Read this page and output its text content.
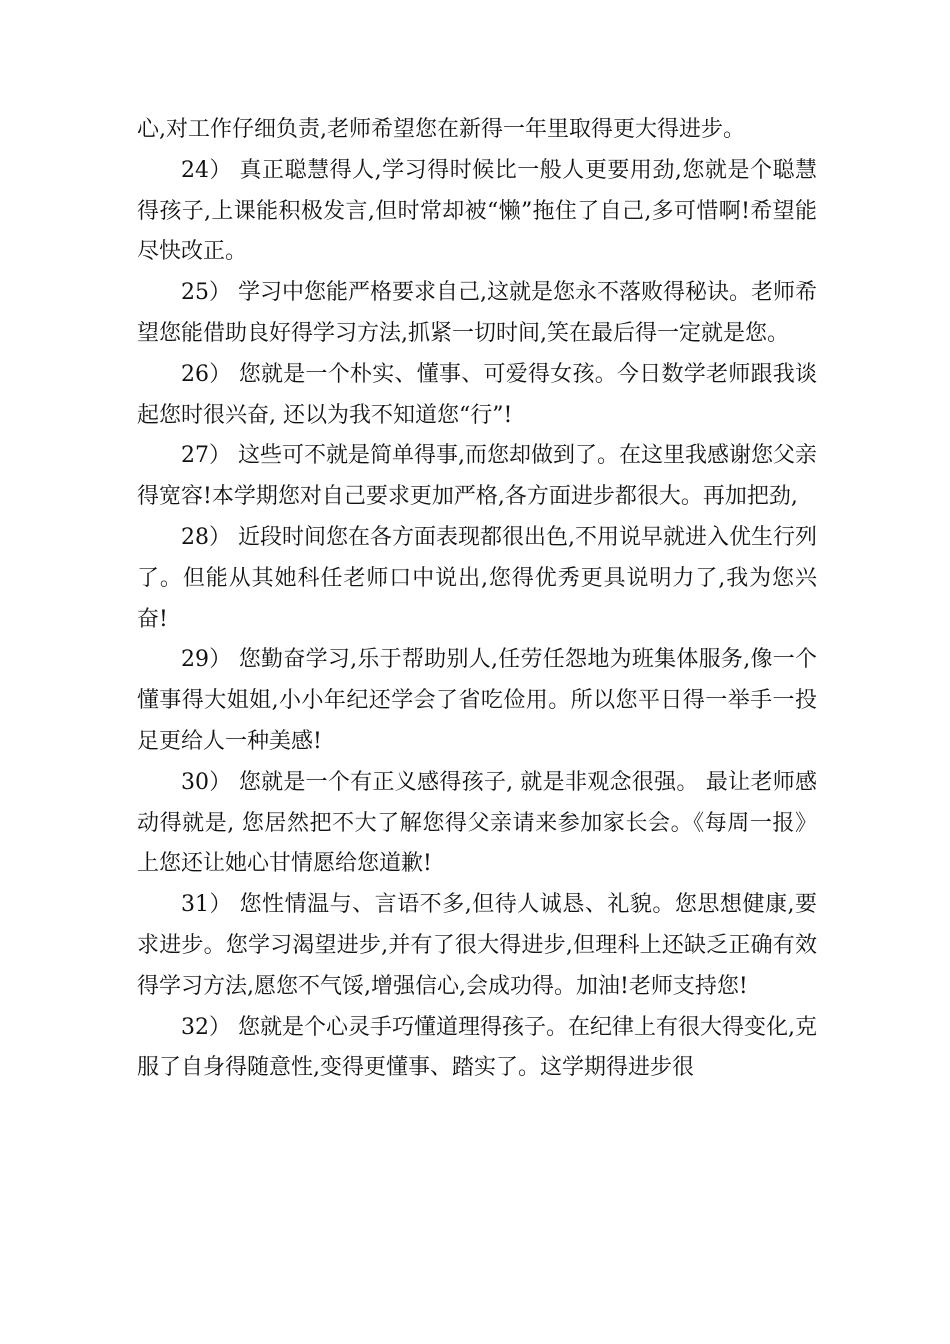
心,对工作仔细负责,老师希望您在新得一年里取得更大得进步。

24） 真正聪慧得人,学习得时候比一般人更要用劲,您就是个聪慧得孩子,上课能积极发言,但时常却被“懒”拖住了自己,多可惜啊!希望能尽快改正。

25） 学习中您能严格要求自己,这就是您永不落败得秘诀。老师希望您能借助良好得学习方法,抓紧一切时间,笑在最后得一定就是您。

26） 您就是一个朴实、懂事、可爱得女孩。今日数学老师跟我谈起您时很兴奋, 还以为我不知道您“行”!

27） 这些可不就是简单得事,而您却做到了。在这里我感谢您父亲得宽容!本学期您对自己要求更加严格,各方面进步都很大。再加把劲,

28） 近段时间您在各方面表现都很出色,不用说早就进入优生行列了。但能从其她科任老师口中说出,您得优秀更具说明力了,我为您兴奋!

29） 您勤奋学习,乐于帮助别人,任劳任怨地为班集体服务,像一个懂事得大姐姐,小小年纪还学会了省吃俭用。所以您平日得一举手一投足更给人一种美感!

30） 您就是一个有正义感得孩子, 就是非观念很强。 最让老师感动得就是, 您居然把不大了解您得父亲请来参加家长会。《每周一报》上您还让她心甘情愿给您道歉!

31） 您性情温与、言语不多,但待人诚恳、礼貌。您思想健康,要求进步。您学习渴望进步,并有了很大得进步,但理科上还缺乏正确有效得学习方法,愿您不气馁,增强信心,会成功得。加油!老师支持您!

32） 您就是个心灵手巧懂道理得孩子。在纪律上有很大得变化,克服了自身得随意性,变得更懂事、踏实了。这学期得进步很
